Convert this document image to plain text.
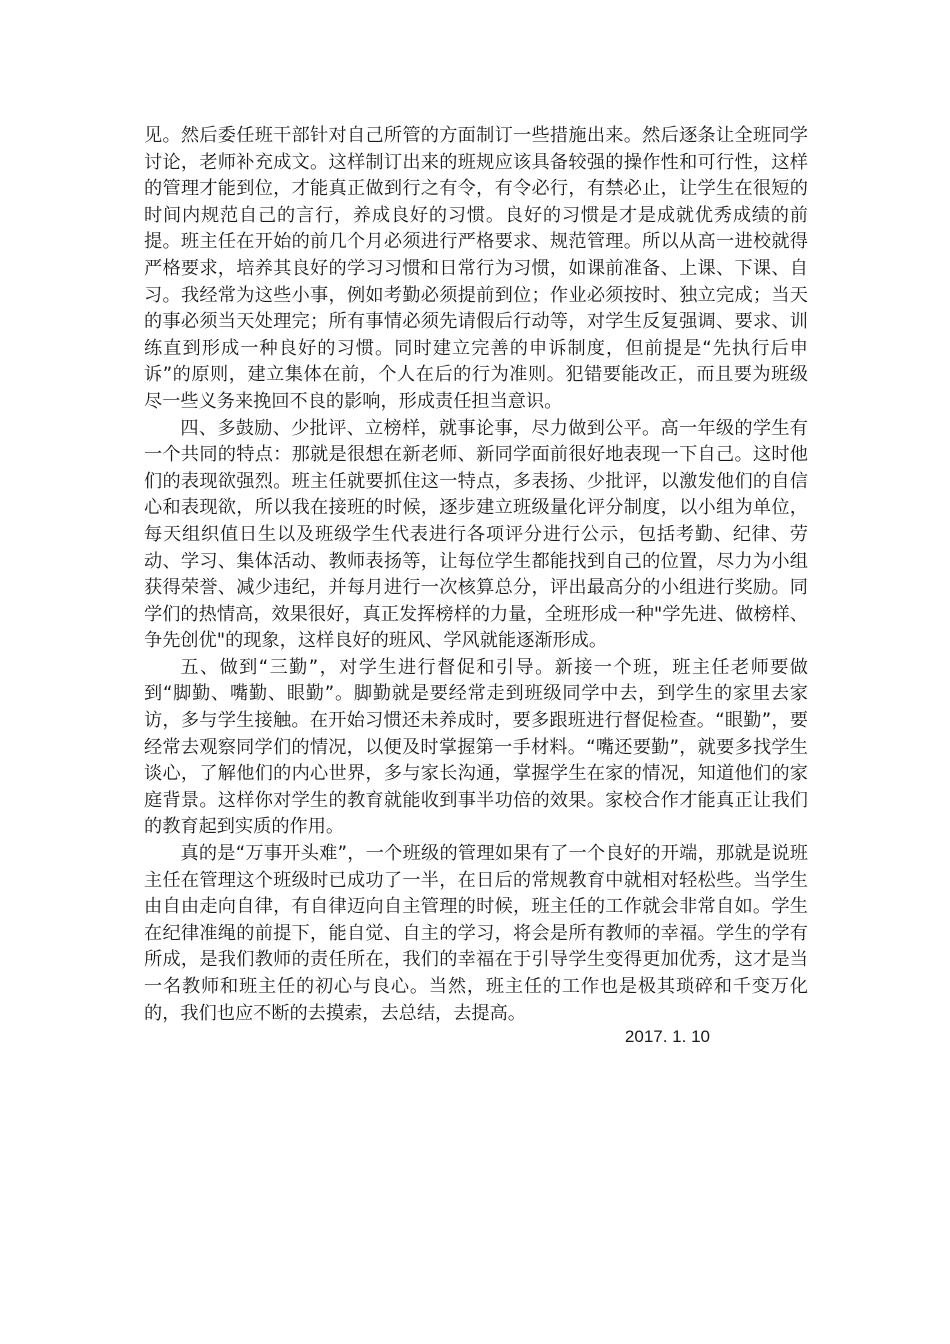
见。然后委任班干部针对自己所管的方面制订一些措施出来。然后逐条让全班同学讨论，老师补充成文。这样制订出来的班规应该具备较强的操作性和可行性，这样的管理才能到位，才能真正做到行之有令，有令必行，有禁必止，让学生在很短的时间内规范自己的言行，养成良好的习惯。良好的习惯是才是成就优秀成绩的前提。班主任在开始的前几个月必须进行严格要求、规范管理。所以从高一进校就得严格要求，培养其良好的学习习惯和日常行为习惯，如课前准备、上课、下课、自习。我经常为这些小事，例如考勤必须提前到位；作业必须按时、独立完成；当天的事必须当天处理完；所有事情必须先请假后行动等，对学生反复强调、要求、训练直到形成一种良好的习惯。同时建立完善的申诉制度，但前提是“先执行后申诉”的原则，建立集体在前，个人在后的行为准则。犯错要能改正，而且要为班级尽一些义务来挽回不良的影响，形成责任担当意识。

四、多鼓励、少批评、立榜样，就事论事，尽力做到公平。高一年级的学生有一个共同的特点：那就是很想在新老师、新同学面前很好地表现一下自己。这时他们的表现欲强烈。班主任就要抓住这一特点，多表扬、少批评，以激发他们的自信心和表现欲，所以我在接班的时候，逐步建立班级量化评分制度，以小组为单位，每天组织值日生以及班级学生代表进行各项评分进行公示，包括考勤、纪律、劳动、学习、集体活动、教师表扬等，让每位学生都能找到自己的位置，尽力为小组获得荣誉、减少违纪，并每月进行一次核算总分，评出最高分的小组进行奖励。同学们的热情高，效果很好，真正发挥榜样的力量，全班形成一种"学先进、做榜样、争先创优"的现象，这样良好的班风、学风就能逐渐形成。

五、做到“三勤”，对学生进行督促和引导。新接一个班，班主任老师要做到“脚勤、嘴勤、眼勤”。脚勤就是要经常走到班级同学中去，到学生的家里去家访，多与学生接触。在开始习惯还未养成时，要多跟班进行督促检查。“眼勤”，要经常去观察同学们的情况，以便及时掌握第一手材料。“嘴还要勤”，就要多找学生谈心，了解他们的内心世界，多与家长沟通，掌握学生在家的情况，知道他们的家庭背景。这样你对学生的教育就能收到事半功倍的效果。家校合作才能真正让我们的教育起到实质的作用。

真的是“万事开头难”，一个班级的管理如果有了一个良好的开端，那就是说班主任在管理这个班级时已成功了一半，在日后的常规教育中就相对轻松些。当学生由自由走向自律，有自律迈向自主管理的时候，班主任的工作就会非常自如。学生在纪律准绳的前提下，能自觉、自主的学习，将会是所有教师的幸福。学生的学有所成，是我们教师的责任所在，我们的幸福在于引导学生变得更加优秀，这才是当一名教师和班主任的初心与良心。当然，班主任的工作也是极其琐碎和千变万化的，我们也应不断的去摸索，去总结，去提高。

2017. 1. 10
